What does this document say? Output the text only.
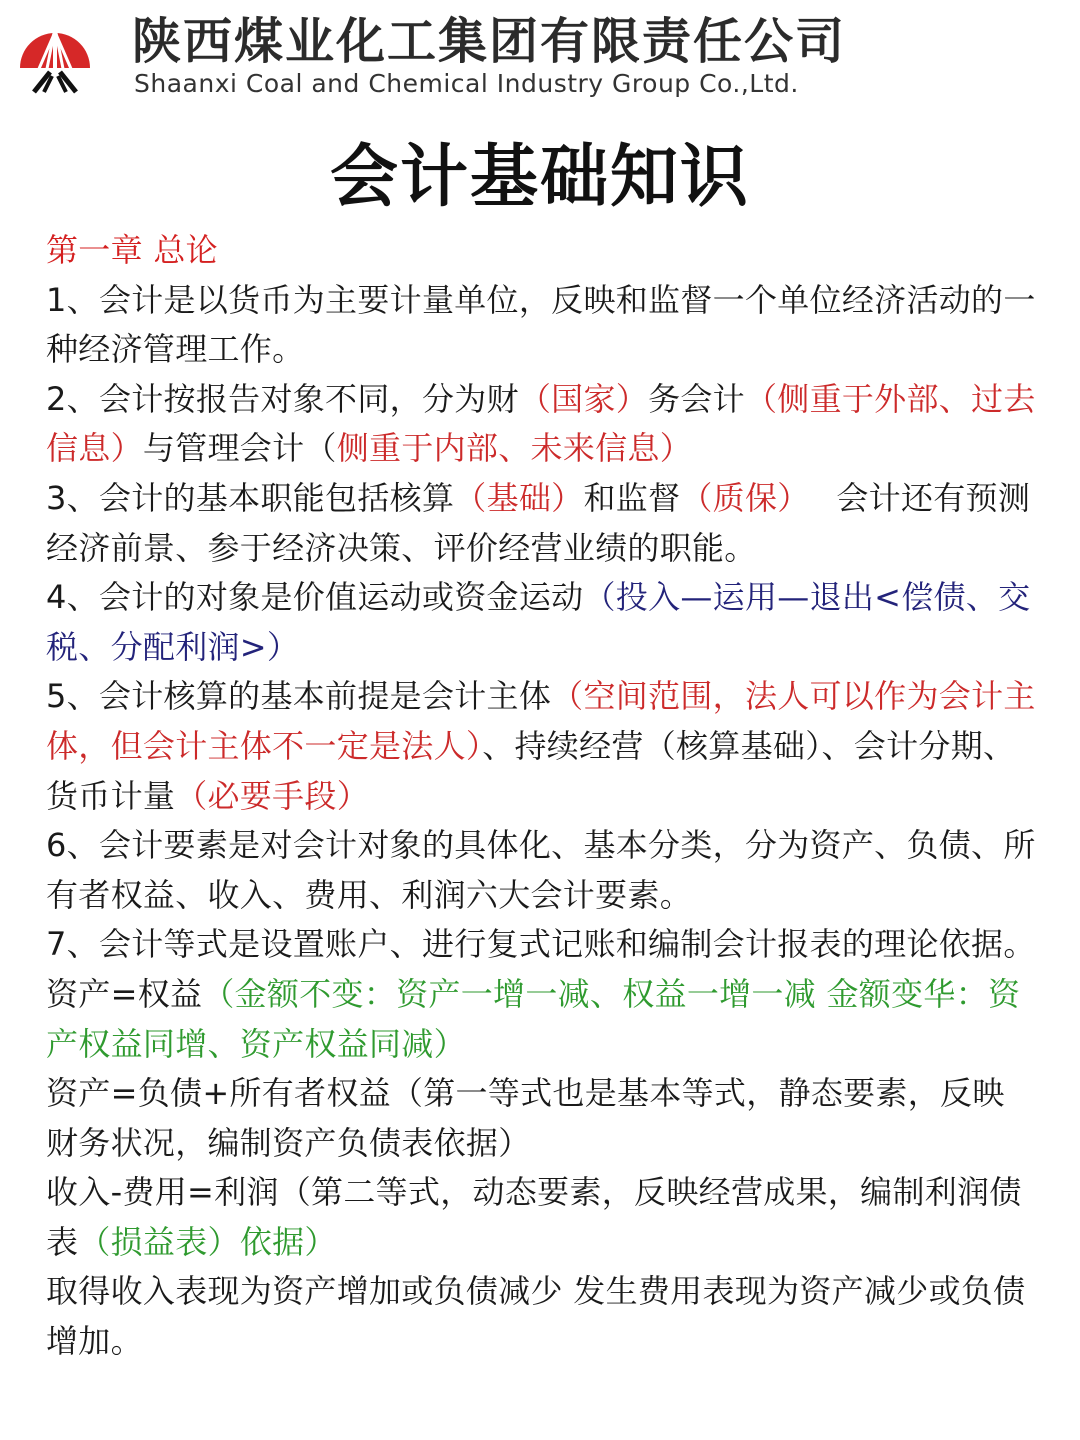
陕西煤业化工集团有限责任公司
Shaanxi Coal and Chemical Industry Group Co.,Ltd.
会计基础知识

第一章 总论

1、会计是以货币为主要计量单位，反映和监督一个单位经济活动的一种经济管理工作。

2、会计按报告对象不同，分为财（国家）务会计（侧重于外部、过去信息）与管理会计（侧重于内部、未来信息）

3、会计的基本职能包括核算（基础）和监督（质保）　 会计还有预测经济前景、参于经济决策、评价经营业绩的职能。

4、会计的对象是价值运动或资金运动（投入—运用—退出<偿债、交税、分配利润>）

5、会计核算的基本前提是会计主体（空间范围，法人可以作为会计主体，但会计主体不一定是法人）、持续经营（核算基础）、会计分期、货币计量（必要手段）

6、会计要素是对会计对象的具体化、基本分类，分为资产、负债、所有者权益、收入、费用、利润六大会计要素。

7、会计等式是设置账户、进行复式记账和编制会计报表的理论依据。

资产=权益（金额不变：资产一增一减、权益一增一减 金额变华：资产权益同增、资产权益同减）

资产=负债+所有者权益（第一等式也是基本等式，静态要素，反映财务状况，编制资产负债表依据）

收入-费用=利润（第二等式，动态要素，反映经营成果，编制利润债表（损益表）依据）

取得收入表现为资产增加或负债减少 发生费用表现为资产减少或负债增加。
